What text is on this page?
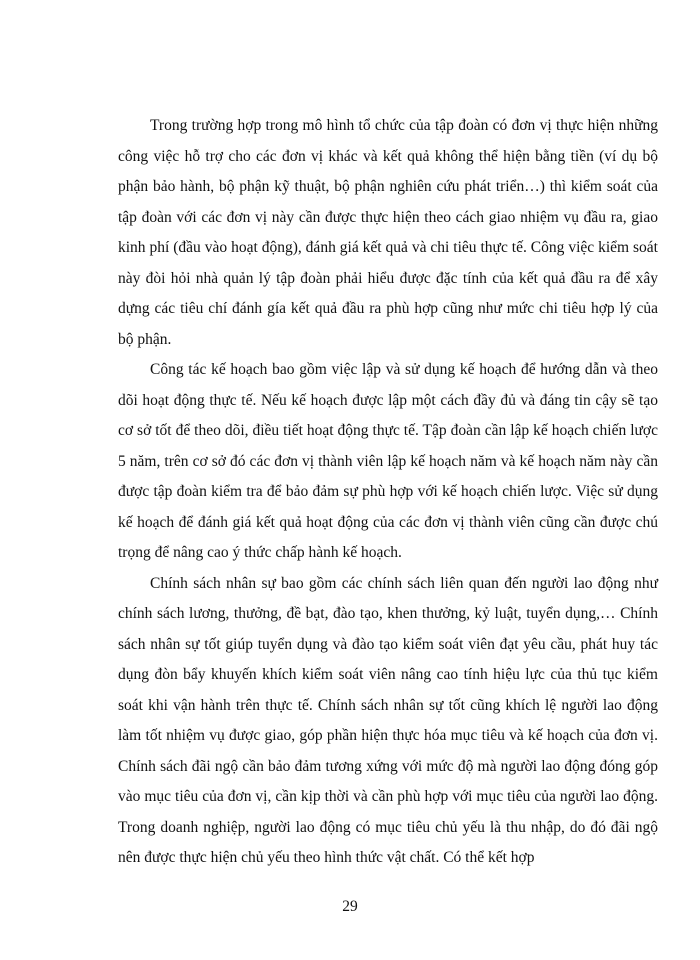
Trong trường hợp trong mô hình tổ chức của tập đoàn có đơn vị thực hiện những công việc hỗ trợ cho các đơn vị khác và kết quả không thể hiện bằng tiền (ví dụ bộ phận bảo hành, bộ phận kỹ thuật, bộ phận nghiên cứu phát triển…) thì kiểm soát của tập đoàn với các đơn vị này cần được thực hiện theo cách giao nhiệm vụ đầu ra, giao kinh phí (đầu vào hoạt động), đánh giá kết quả và chi tiêu thực tế. Công việc kiểm soát này đòi hỏi nhà quản lý tập đoàn phải hiểu được đặc tính của kết quả đầu ra để xây dựng các tiêu chí đánh gía kết quả đầu ra phù hợp cũng như mức chi tiêu hợp lý của bộ phận.

Công tác kế hoạch bao gồm việc lập và sử dụng kế hoạch để hướng dẫn và theo dõi hoạt động thực tế. Nếu kế hoạch được lập một cách đầy đủ và đáng tin cậy sẽ tạo cơ sở tốt để theo dõi, điều tiết hoạt động thực tế. Tập đoàn cần lập kế hoạch chiến lược 5 năm, trên cơ sở đó các đơn vị thành viên lập kế hoạch năm và kế hoạch năm này cần được tập đoàn kiểm tra để bảo đảm sự phù hợp với kế hoạch chiến lược. Việc sử dụng kế hoạch để đánh giá kết quả hoạt động của các đơn vị thành viên cũng cần được chú trọng để nâng cao ý thức chấp hành kế hoạch.

Chính sách nhân sự bao gồm các chính sách liên quan đến người lao động như chính sách lương, thưởng, đề bạt, đào tạo, khen thưởng, kỷ luật, tuyển dụng,… Chính sách nhân sự tốt giúp tuyển dụng và đào tạo kiểm soát viên đạt yêu cầu, phát huy tác dụng đòn bẩy khuyến khích kiểm soát viên nâng cao tính hiệu lực của thủ tục kiểm soát khi vận hành trên thực tế. Chính sách nhân sự tốt cũng khích lệ người lao động làm tốt nhiệm vụ được giao, góp phần hiện thực hóa mục tiêu và kế hoạch của đơn vị. Chính sách đãi ngộ cần bảo đảm tương xứng với mức độ mà người lao động đóng góp vào mục tiêu của đơn vị, cần kịp thời và cần phù hợp với mục tiêu của người lao động. Trong doanh nghiệp, người lao động có mục tiêu chủ yếu là thu nhập, do đó đãi ngộ nên được thực hiện chủ yếu theo hình thức vật chất. Có thể kết hợp

29
